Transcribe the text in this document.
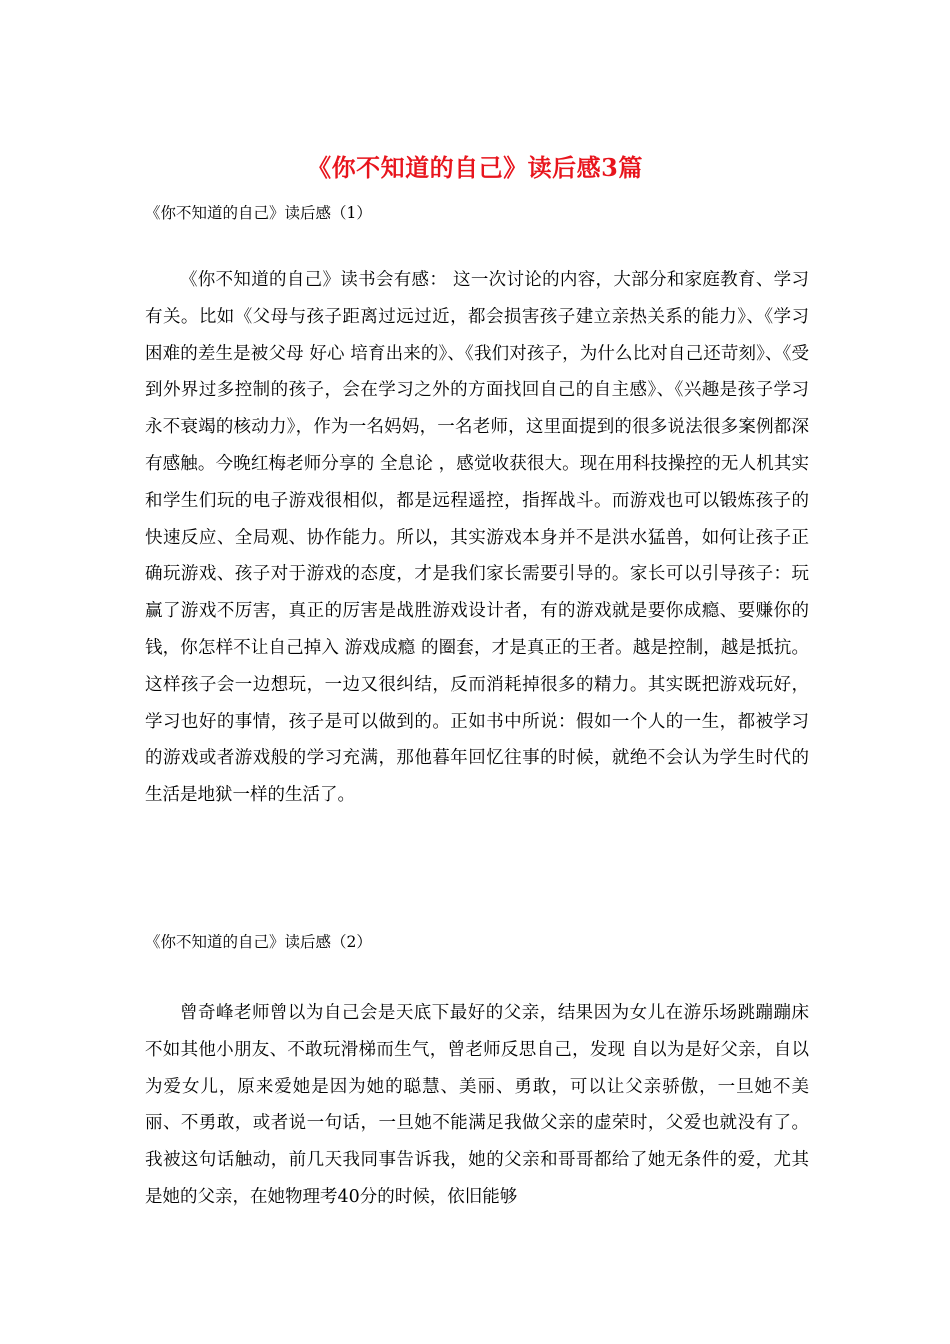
《你不知道的自己》读后感3篇

《你不知道的自己》读后感（1）

《你不知道的自己》读书会有感： 这一次讨论的内容，大部分和家庭教育、学习有关。比如《父母与孩子距离过远过近，都会损害孩子建立亲热关系的能力》、《学习困难的差生是被父母 好心 培育出来的》、《我们对孩子，为什么比对自己还苛刻》、《受到外界过多控制的孩子，会在学习之外的方面找回自己的自主感》、《兴趣是孩子学习永不衰竭的核动力》，作为一名妈妈，一名老师，这里面提到的很多说法很多案例都深有感触。今晚红梅老师分享的 全息论 ，感觉收获很大。现在用科技操控的无人机其实和学生们玩的电子游戏很相似，都是远程遥控，指挥战斗。而游戏也可以锻炼孩子的快速反应、全局观、协作能力。所以，其实游戏本身并不是洪水猛兽，如何让孩子正确玩游戏、孩子对于游戏的态度，才是我们家长需要引导的。家长可以引导孩子：玩赢了游戏不厉害，真正的厉害是战胜游戏设计者，有的游戏就是要你成瘾、要赚你的钱，你怎样不让自己掉入 游戏成瘾 的圈套，才是真正的王者。越是控制，越是抵抗。这样孩子会一边想玩，一边又很纠结，反而消耗掉很多的精力。其实既把游戏玩好，学习也好的事情，孩子是可以做到的。正如书中所说：假如一个人的一生，都被学习的游戏或者游戏般的学习充满，那他暮年回忆往事的时候，就绝不会认为学生时代的生活是地狱一样的生活了。

《你不知道的自己》读后感（2）

曾奇峰老师曾以为自己会是天底下最好的父亲，结果因为女儿在游乐场跳蹦蹦床不如其他小朋友、不敢玩滑梯而生气，曾老师反思自己，发现 自以为是好父亲，自以为爱女儿，原来爱她是因为她的聪慧、美丽、勇敢，可以让父亲骄傲，一旦她不美丽、不勇敢，或者说一句话，一旦她不能满足我做父亲的虚荣时，父爱也就没有了。 我被这句话触动，前几天我同事告诉我，她的父亲和哥哥都给了她无条件的爱，尤其是她的父亲，在她物理考40分的时候，依旧能够
